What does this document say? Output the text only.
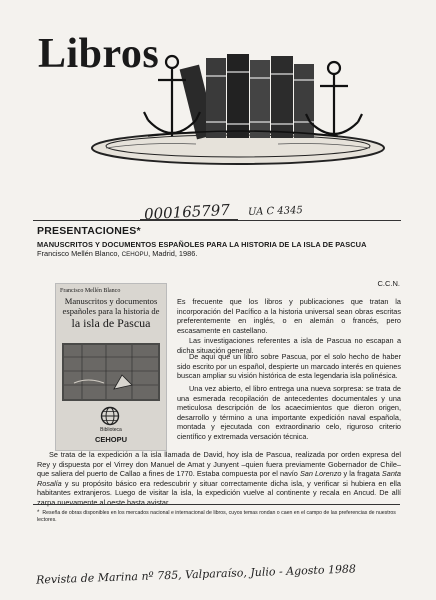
Libros
000165797 UA C 4345
PRESENTACIONES*
MANUSCRITOS Y DOCUMENTOS ESPAÑOLES PARA LA HISTORIA DE LA ISLA DE PASCUA
Francisco Mellén Blanco, CEHOPU, Madrid, 1986.
C.C.N.
Francisco Mellén Blanco
Manuscritos y documentos
españoles para la historia de
la isla de Pascua
Biblioteca
CEHOPU

Es frecuente que los libros y publicaciones que tratan la incorporación del Pacífico a la historia universal sean obras escritas preferentemente en inglés, o en alemán o francés, pero escasamente en castellano.

Las investigaciones referentes a isla de Pascua no escapan a dicha situación general.

De aquí que un libro sobre Pascua, por el solo hecho de haber sido escrito por un español, despierte un marcado interés en quienes buscan ampliar su visión histórica de esta legendaria isla polinésica.

Una vez abierto, el libro entrega una nueva sorpresa: se trata de una esmerada recopilación de antecedentes documentales y una meticulosa descripción de los acaecimientos que dieron origen, desarrollo y término a una importante expedición naval española, montada y ejecutada con extraordinario celo, riguroso criterio científico y extremada versación técnica.

Se trata de la expedición a la isla llamada de David, hoy isla de Pascua, realizada por orden expresa del Rey y dispuesta por el Virrey don Manuel de Amat y Junyent –quien fuera previamente Gobernador de Chile– que saliera del puerto de Callao a fines de 1770. Estaba compuesta por el navío San Lorenzo y la fragata Santa Rosalía y su propósito básico era redescubrir y situar correctamente dicha isla, y verificar si hubiera en ella habitantes extranjeros. Luego de visitar la isla, la expedición vuelve al continente y recala en Ancud. De allí zarpa nuevamente al oeste hasta avistar

* Reseña de obras disponibles en los mercados nacional e internacional de libros, cuyos temas rondan o caen en el campo de las preferencias de nuestros lectores.
Revista de Marina nº 785, Valparaíso, Julio - Agosto 1988
